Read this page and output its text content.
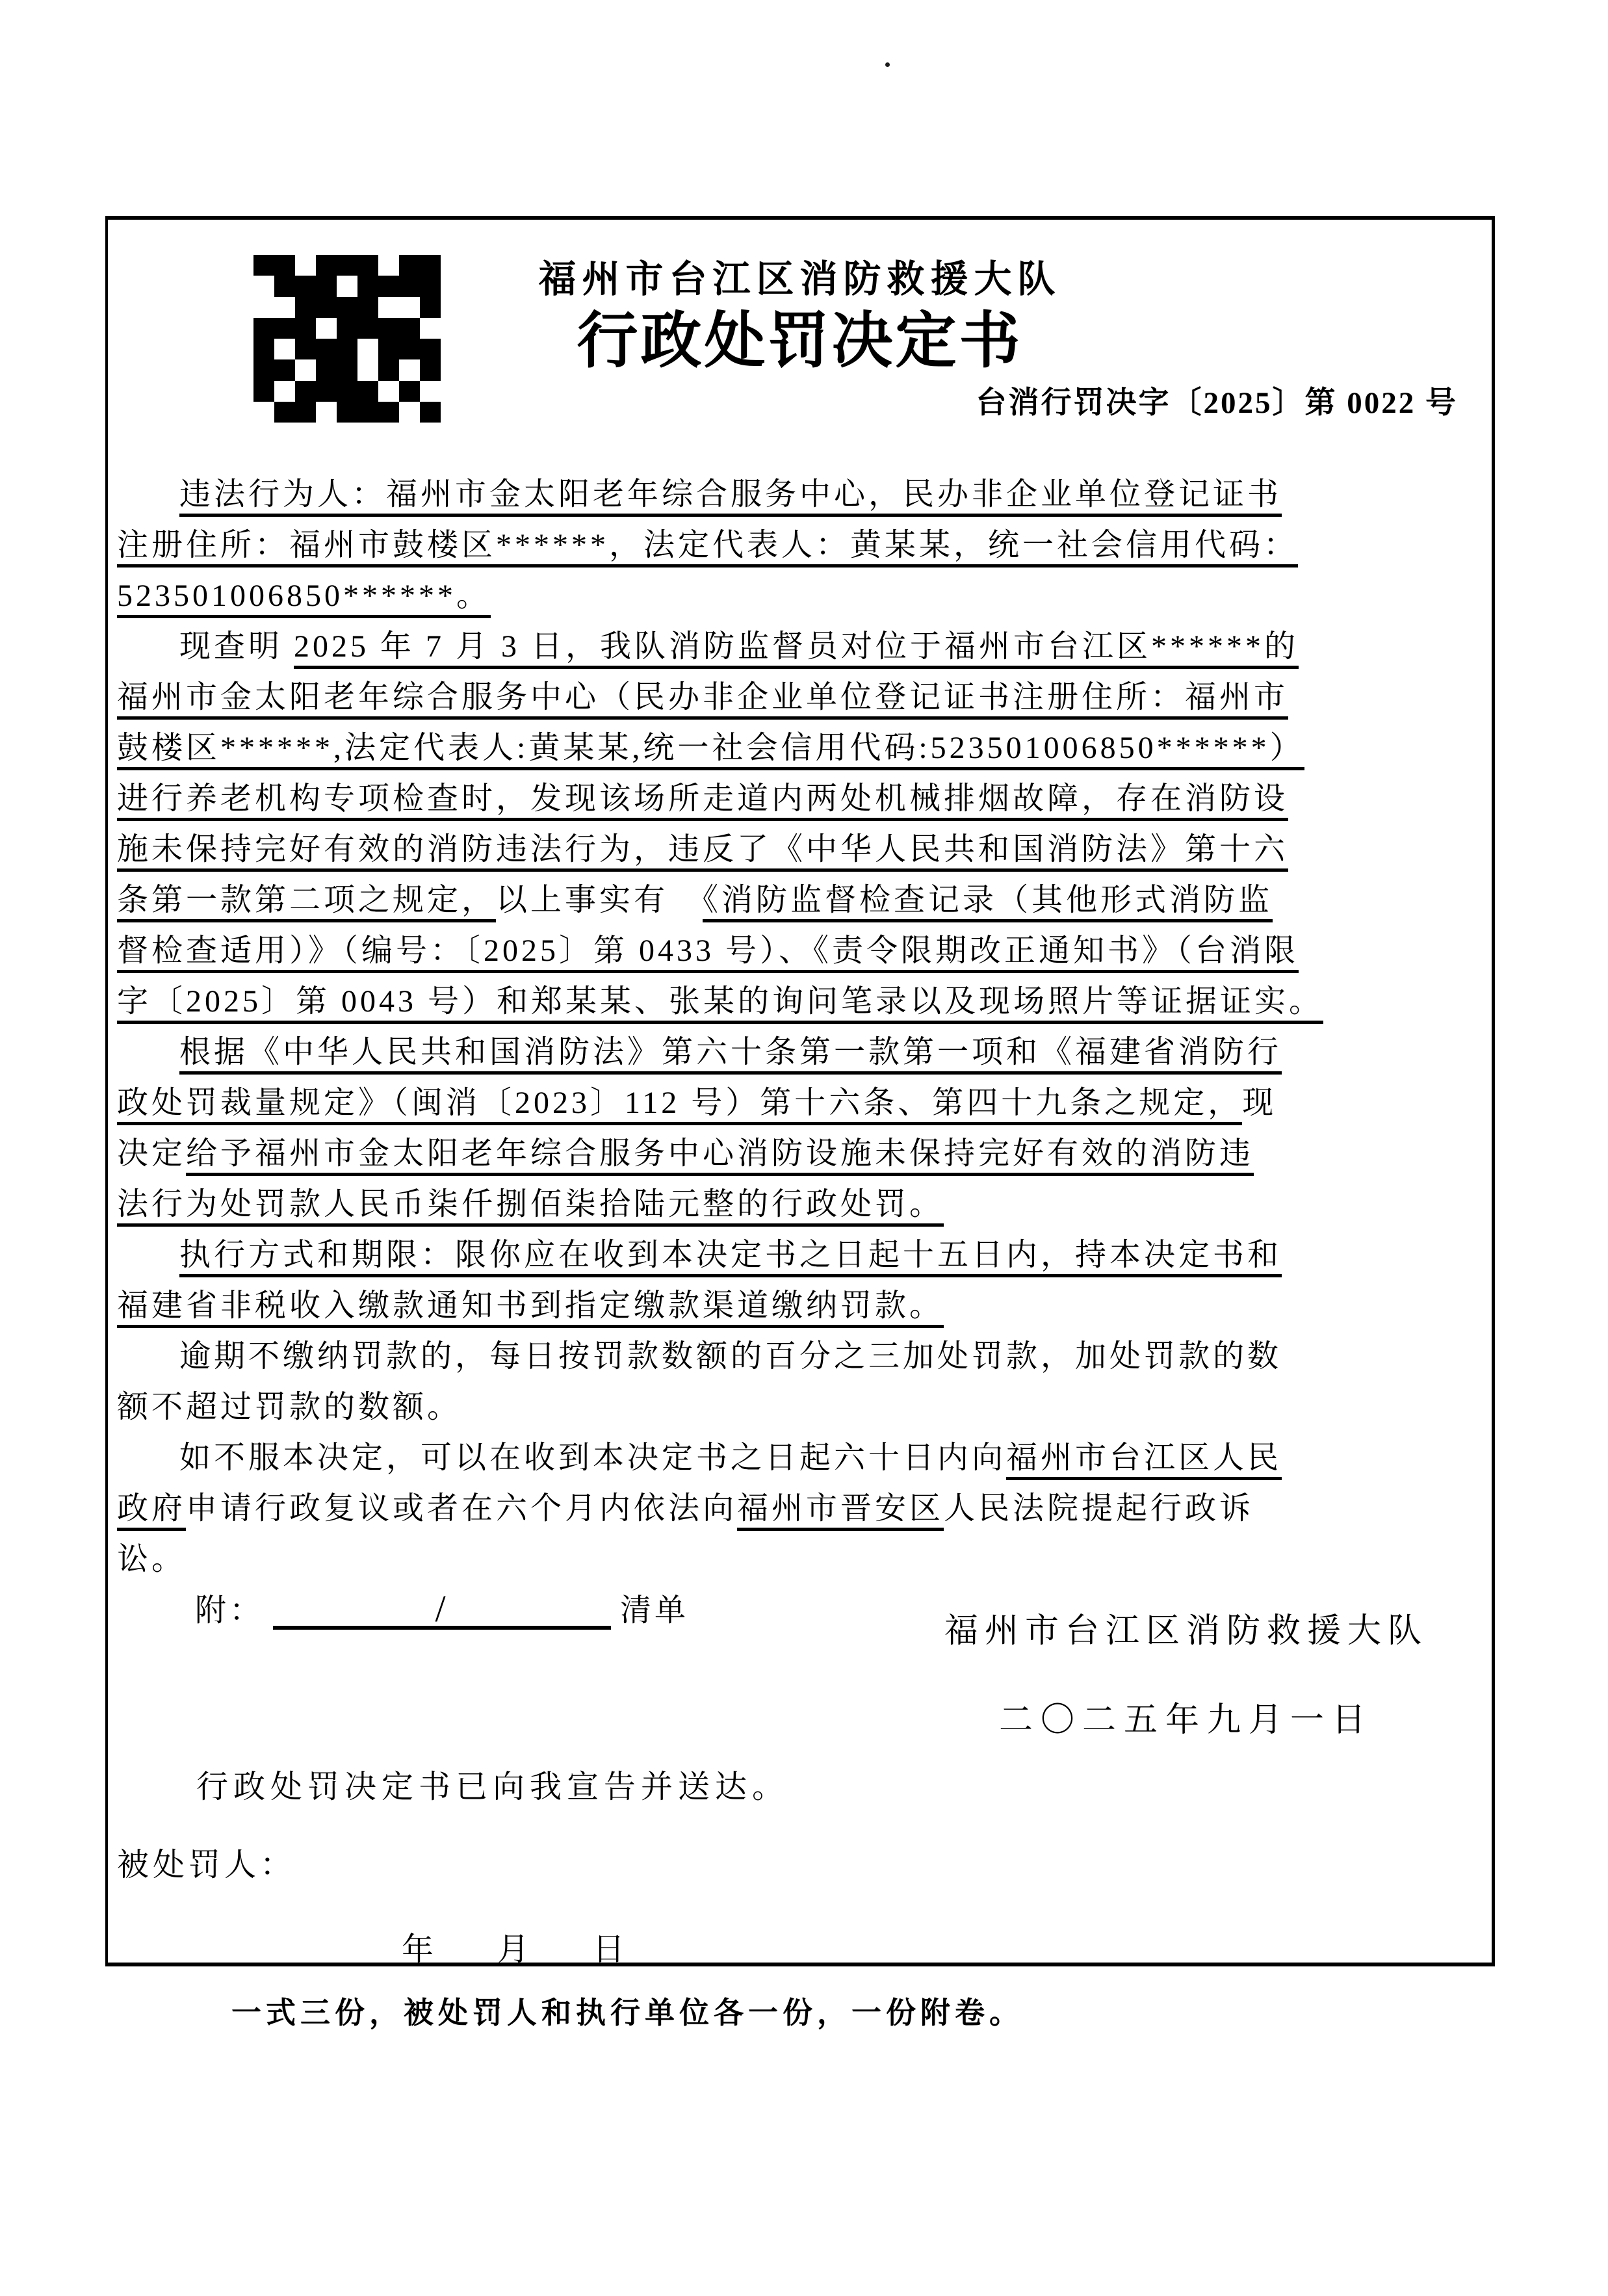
福州市台江区消防救援大队
行政处罚决定书
台消行罚决字〔2025〕第 0022 号
违法行为人：福州市金太阳老年综合服务中心，民办非企业单位登记证书
注册住所：福州市鼓楼区******，法定代表人：黄某某，统一社会信用代码：
523501006850******。
现查明 2025 年 7 月 3 日，我队消防监督员对位于福州市台江区******的
福州市金太阳老年综合服务中心（民办非企业单位登记证书注册住所：福州市
鼓楼区******,法定代表人:黄某某,统一社会信用代码:523501006850******）
进行养老机构专项检查时，发现该场所走道内两处机械排烟故障，存在消防设
施未保持完好有效的消防违法行为，违反了《中华人民共和国消防法》第十六
条第一款第二项之规定，以上事实有　《消防监督检查记录（其他形式消防监
督检查适用）》（编号：〔2025〕第 0433 号）、《责令限期改正通知书》（台消限
字〔2025〕第 0043 号）和郑某某、张某的询问笔录以及现场照片等证据证实。
根据《中华人民共和国消防法》第六十条第一款第一项和《福建省消防行
政处罚裁量规定》（闽消〔2023〕112 号）第十六条、第四十九条之规定，现
决定给予福州市金太阳老年综合服务中心消防设施未保持完好有效的消防违
法行为处罚款人民币柒仟捌佰柒拾陆元整的行政处罚。
执行方式和期限：限你应在收到本决定书之日起十五日内，持本决定书和
福建省非税收入缴款通知书到指定缴款渠道缴纳罚款。
逾期不缴纳罚款的，每日按罚款数额的百分之三加处罚款，加处罚款的数
额不超过罚款的数额。
如不服本决定，可以在收到本决定书之日起六十日内向福州市台江区人民
政府申请行政复议或者在六个月内依法向福州市晋安区人民法院提起行政诉
讼。
附：	/	清单
福州市台江区消防救援大队
二〇二五年九月一日
行政处罚决定书已向我宣告并送达。
被处罚人：
年　　月　　日
一式三份，被处罚人和执行单位各一份，一份附卷。
